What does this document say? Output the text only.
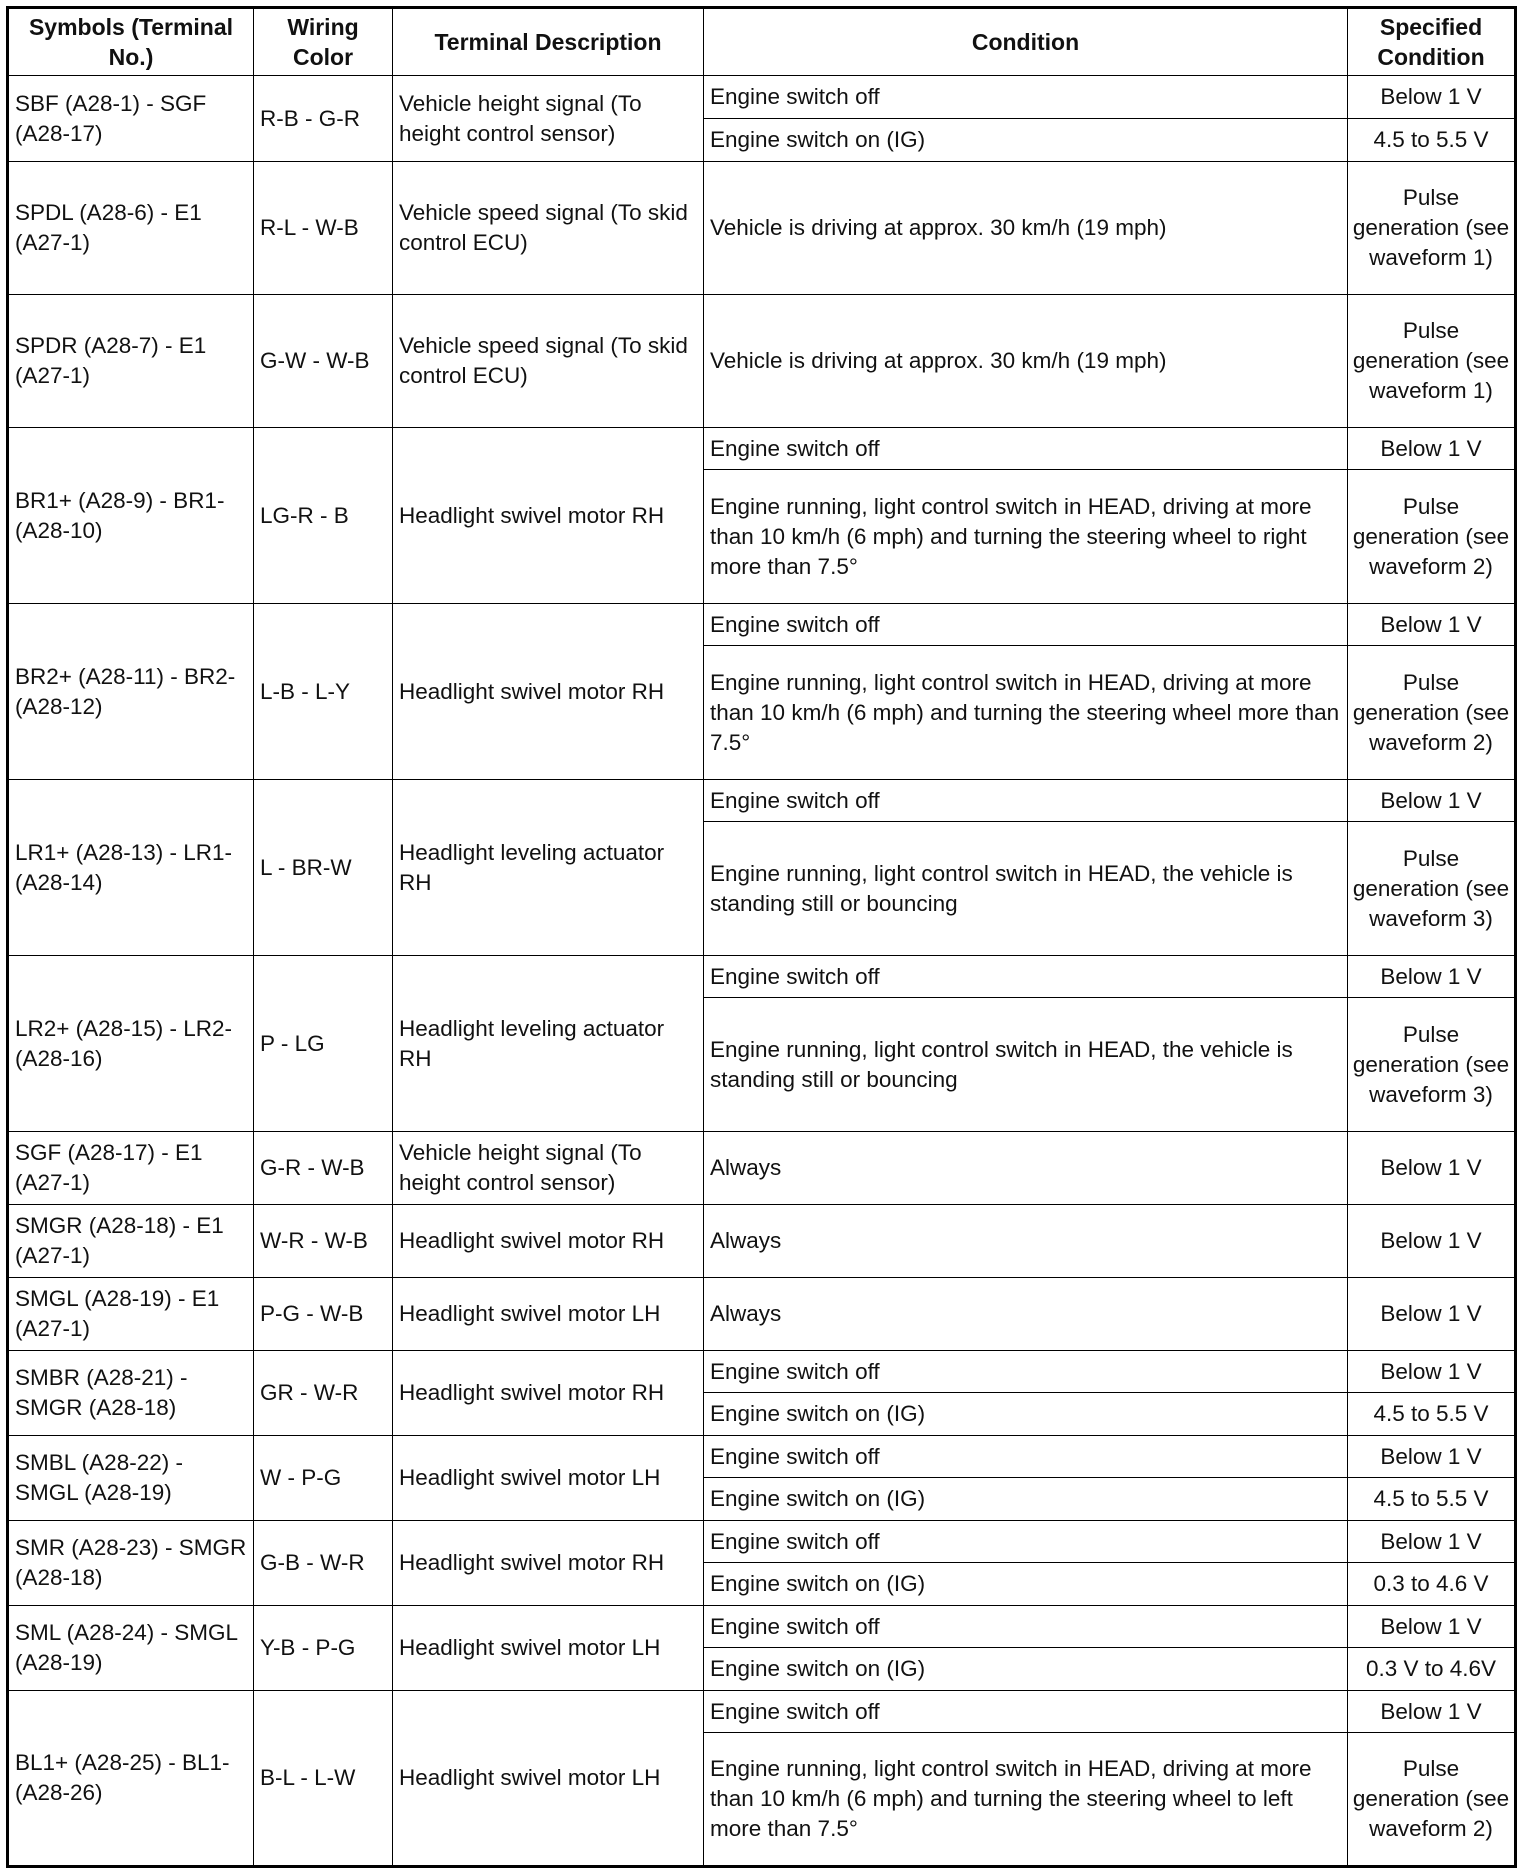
Symbols (Terminal No.)	Wiring Color	Terminal Description	Condition	Specified Condition
SBF (A28-1) - SGF (A28-17)	R-B - G-R	Vehicle height signal (To height control sensor)	Engine switch off	Below 1 V
			Engine switch on (IG)	4.5 to 5.5 V
SPDL (A28-6) - E1 (A27-1)	R-L - W-B	Vehicle speed signal (To skid control ECU)	Vehicle is driving at approx. 30 km/h (19 mph)	Pulse generation (see waveform 1)
SPDR (A28-7) - E1 (A27-1)	G-W - W-B	Vehicle speed signal (To skid control ECU)	Vehicle is driving at approx. 30 km/h (19 mph)	Pulse generation (see waveform 1)
BR1+ (A28-9) - BR1- (A28-10)	LG-R - B	Headlight swivel motor RH	Engine switch off	Below 1 V
			Engine running, light control switch in HEAD, driving at more than 10 km/h (6 mph) and turning the steering wheel to right more than 7.5°	Pulse generation (see waveform 2)
BR2+ (A28-11) - BR2- (A28-12)	L-B - L-Y	Headlight swivel motor RH	Engine switch off	Below 1 V
			Engine running, light control switch in HEAD, driving at more than 10 km/h (6 mph) and turning the steering wheel more than 7.5°	Pulse generation (see waveform 2)
LR1+ (A28-13) - LR1- (A28-14)	L - BR-W	Headlight leveling actuator RH	Engine switch off	Below 1 V
			Engine running, light control switch in HEAD, the vehicle is standing still or bouncing	Pulse generation (see waveform 3)
LR2+ (A28-15) - LR2- (A28-16)	P - LG	Headlight leveling actuator RH	Engine switch off	Below 1 V
			Engine running, light control switch in HEAD, the vehicle is standing still or bouncing	Pulse generation (see waveform 3)
SGF (A28-17) - E1 (A27-1)	G-R - W-B	Vehicle height signal (To height control sensor)	Always	Below 1 V
SMGR (A28-18) - E1 (A27-1)	W-R - W-B	Headlight swivel motor RH	Always	Below 1 V
SMGL (A28-19) - E1 (A27-1)	P-G - W-B	Headlight swivel motor LH	Always	Below 1 V
SMBR (A28-21) - SMGR (A28-18)	GR - W-R	Headlight swivel motor RH	Engine switch off	Below 1 V
			Engine switch on (IG)	4.5 to 5.5 V
SMBL (A28-22) - SMGL (A28-19)	W - P-G	Headlight swivel motor LH	Engine switch off	Below 1 V
			Engine switch on (IG)	4.5 to 5.5 V
SMR (A28-23) - SMGR (A28-18)	G-B - W-R	Headlight swivel motor RH	Engine switch off	Below 1 V
			Engine switch on (IG)	0.3 to 4.6 V
SML (A28-24) - SMGL (A28-19)	Y-B - P-G	Headlight swivel motor LH	Engine switch off	Below 1 V
			Engine switch on (IG)	0.3 V to 4.6V
BL1+ (A28-25) - BL1-(A28-26)	B-L - L-W	Headlight swivel motor LH	Engine switch off	Below 1 V
			Engine running, light control switch in HEAD, driving at more than 10 km/h (6 mph) and turning the steering wheel to left more than 7.5°	Pulse generation (see waveform 2)
